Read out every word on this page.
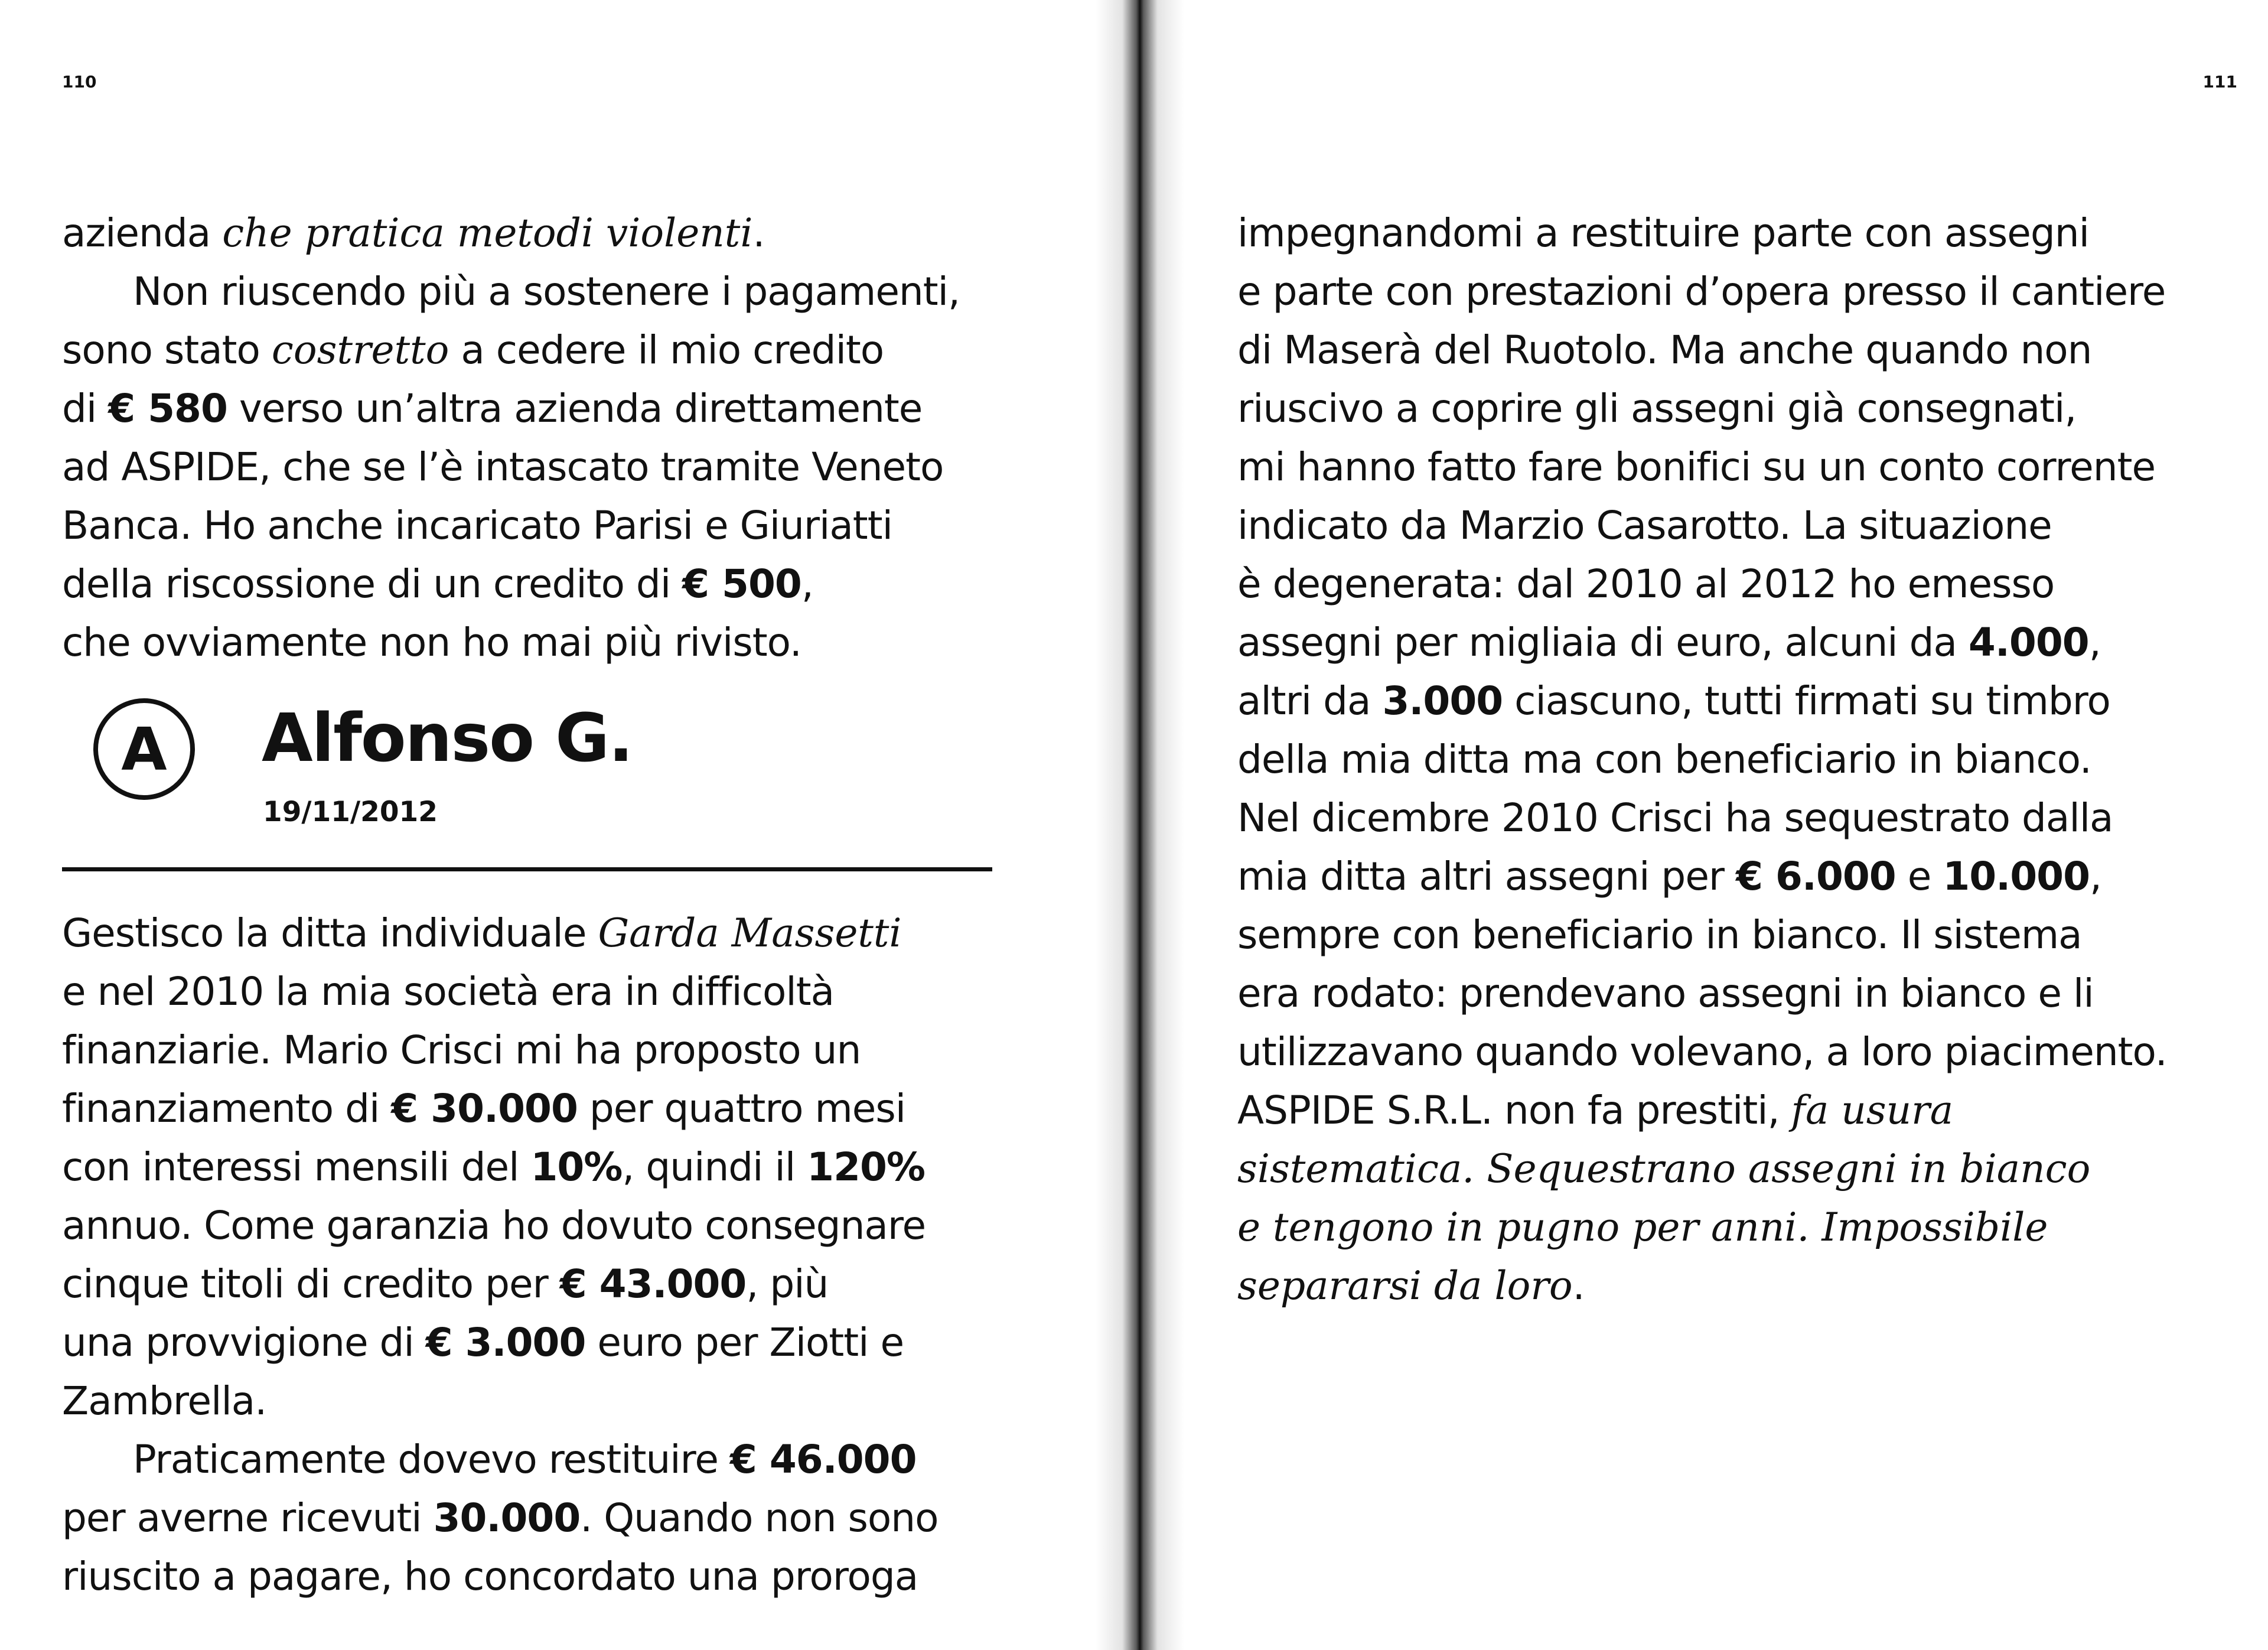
110

azienda che pratica metodi violenti.

Non riuscendo più a sostenere i pagamenti,

sono stato costretto a cedere il mio credito

di € 580 verso un’altra azienda direttamente

ad ASPIDE, che se l’è intascato tramite Veneto

Banca. Ho anche incaricato Parisi e Giuriatti

della riscossione di un credito di € 500,

che ovviamente non ho mai più rivisto.

A Alfonso G.
19/11/2012

Gestisco la ditta individuale Garda Massetti

e nel 2010 la mia società era in difficoltà

finanziarie. Mario Crisci mi ha proposto un

finanziamento di € 30.000 per quattro mesi

con interessi mensili del 10%, quindi il 120%

annuo. Come garanzia ho dovuto consegnare

cinque titoli di credito per € 43.000, più

una provvigione di € 3.000 euro per Ziotti e

Zambrella.

Praticamente dovevo restituire € 46.000

per averne ricevuti 30.000. Quando non sono

riuscito a pagare, ho concordato una proroga

111

impegnandomi a restituire parte con assegni

e parte con prestazioni d’opera presso il cantiere

di Maserà del Ruotolo. Ma anche quando non

riuscivo a coprire gli assegni già consegnati,

mi hanno fatto fare bonifici su un conto corrente

indicato da Marzio Casarotto. La situazione

è degenerata: dal 2010 al 2012 ho emesso

assegni per migliaia di euro, alcuni da 4.000,

altri da 3.000 ciascuno, tutti firmati su timbro

della mia ditta ma con beneficiario in bianco.

Nel dicembre 2010 Crisci ha sequestrato dalla

mia ditta altri assegni per € 6.000 e 10.000,

sempre con beneficiario in bianco. Il sistema

era rodato: prendevano assegni in bianco e li

utilizzavano quando volevano, a loro piacimento.

ASPIDE S.R.L. non fa prestiti, fa usura

sistematica. Sequestrano assegni in bianco

e tengono in pugno per anni. Impossibile

separarsi da loro.
